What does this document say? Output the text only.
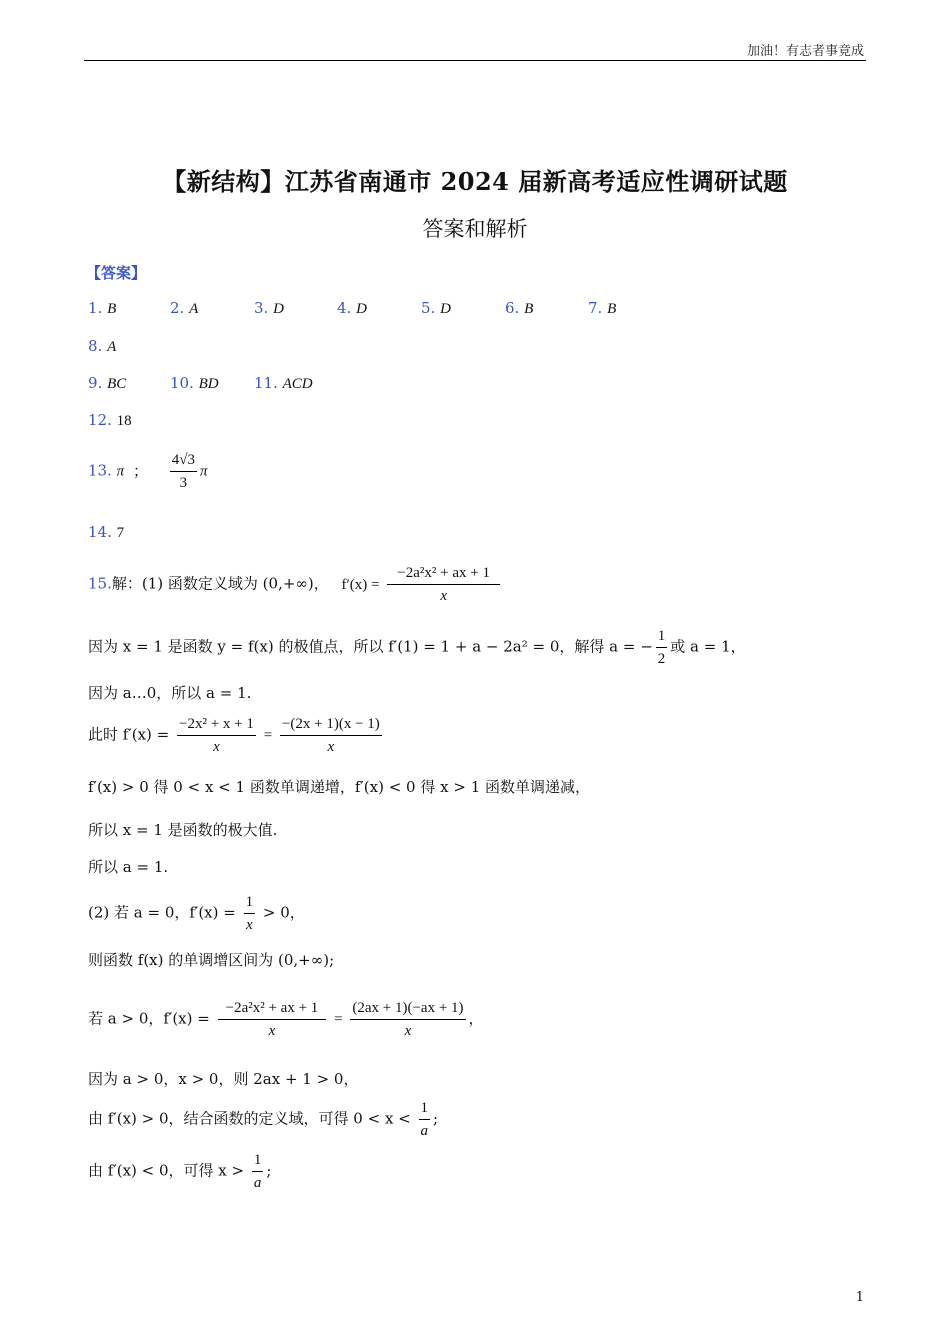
加油！有志者事竟成
【新结构】江苏省南通市 2024 届新高考适应性调研试题
答案和解析
【答案】
1. B	2. A	3. D	4. D	5. D	6. B	7. B
8. A
9. BC	10. BD 11. ACD
12. 18
13. π ； $\frac{4√3}{3}$ π
14. 7
15.解：(1) 函数定义域为 (0,+∞)， $f'(x) = \frac{\text{−2a²x² + ax + 1}}{x}$
因为 x = 1 是函数 y = f(x) 的极值点，所以 f′(1) = 1 + a − 2a² = 0，解得 a = − $\frac{1}{2}$ 或 a = 1，
因为 a…0，所以 a = 1.
此时 $f'(x) = \frac{\text{−2x² + x + 1}}{x} = \frac{-(2x + 1)(x - 1)}{x}$
f′(x) > 0 得 0 < x < 1 函数单调递增，f′(x) < 0 得 x > 1 函数单调递减，
所以 x = 1 是函数的极大值.
所以 a = 1.
(2) 若 a = 0，$f'(x) = \frac{1}{x} > 0$，
则函数 f(x) 的单调增区间为 (0,+∞);
若 a > 0，$f'(x) = \frac{\text{−2a²x² + ax + 1}}{x} = \frac{(2ax + 1)(-ax + 1)}{x}$ ，
因为 a > 0，x > 0，则 2ax + 1 > 0，
由 f′(x) > 0，结合函数的定义域，可得 $0 < x < \frac{1}{a}$ ;
由 f′(x) < 0，可得 $x > \frac{1}{a}$ ;
1
